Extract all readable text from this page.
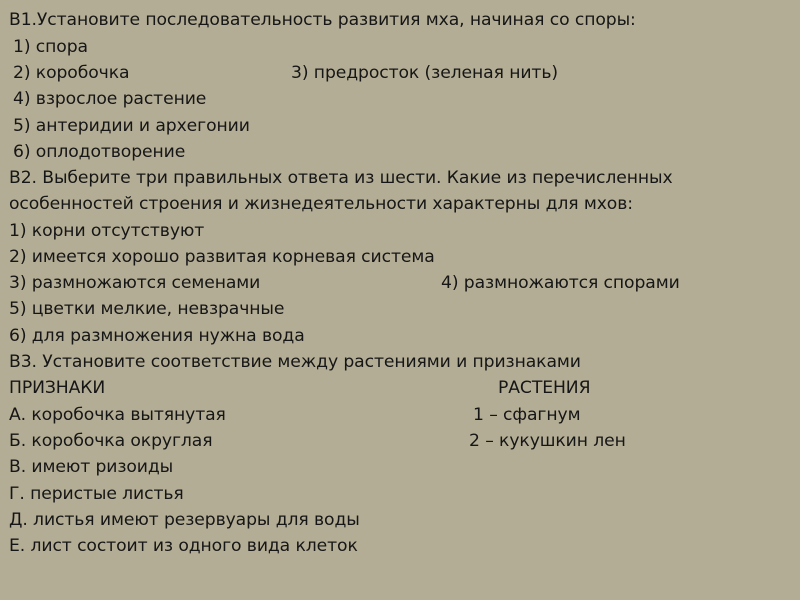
В1.Установите последовательность развития мха, начиная со споры:
1) спора
2) коробочка	3) предросток (зеленая нить)
4) взрослое растение
5) антеридии и архегонии
6) оплодотворение
В2. Выберите три правильных ответа из шести. Какие из перечисленных
особенностей строения и жизнедеятельности характерны для мхов:
1) корни отсутствуют
2) имеется хорошо развитая корневая система
3) размножаются семенами	4) размножаются спорами
5) цветки мелкие, невзрачные
6) для размножения нужна вода
В3. Установите соответствие между растениями и признаками
ПРИЗНАКИ	РАСТЕНИЯ
А. коробочка вытянутая	1 – сфагнум
Б. коробочка округлая	2 – кукушкин лен
В. имеют ризоиды
Г. перистые листья
Д. листья имеют резервуары для воды
Е. лист состоит из одного вида клеток
